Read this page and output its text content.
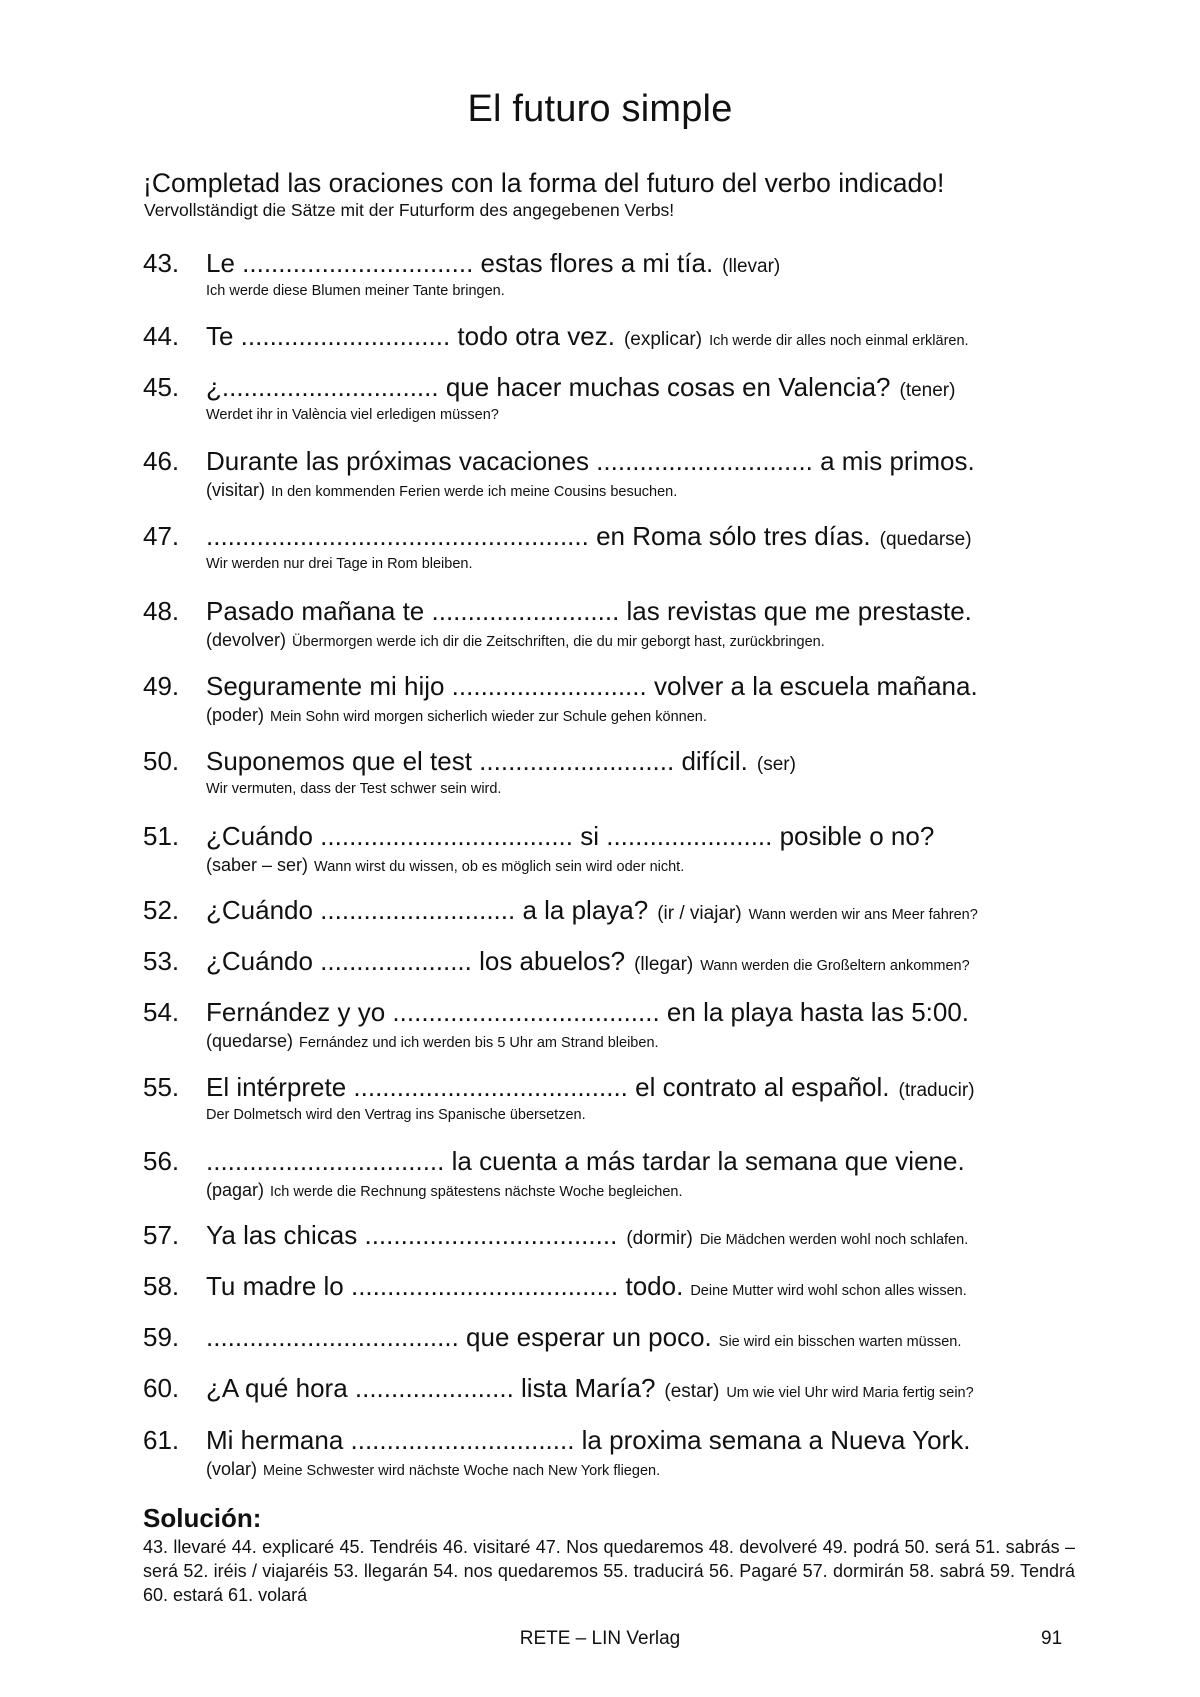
El futuro simple
¡Completad las oraciones con la forma del futuro del verbo indicado!
Vervollständigt die Sätze mit der Futurform des angegebenen Verbs!
43. Le ................................ estas flores a mi tía. (llevar)
Ich werde diese Blumen meiner Tante bringen.
44. Te ............................. todo otra vez. (explicar) Ich werde dir alles noch einmal erklären.
45. ¿.............................. que hacer muchas cosas en Valencia? (tener)
Werdet ihr in València viel erledigen müssen?
46. Durante las próximas vacaciones .............................. a mis primos.
(visitar) In den kommenden Ferien werde ich meine Cousins besuchen.
47. ..................................................... en Roma sólo tres días. (quedarse)
Wir werden nur drei Tage in Rom bleiben.
48. Pasado mañana te .......................... las revistas que me prestaste.
(devolver) Übermorgen werde ich dir die Zeitschriften, die du mir geborgt hast, zurückbringen.
49. Seguramente mi hijo ........................... volver a la escuela mañana.
(poder) Mein Sohn wird morgen sicherlich wieder zur Schule gehen können.
50. Suponemos que el test ........................... difícil. (ser)
Wir vermuten, dass der Test schwer sein wird.
51. ¿Cuándo ................................... si ....................... posible o no?
(saber – ser) Wann wirst du wissen, ob es möglich sein wird oder nicht.
52. ¿Cuándo ........................... a la playa? (ir / viajar) Wann werden wir ans Meer fahren?
53. ¿Cuándo ..................... los abuelos? (llegar) Wann werden die Großeltern ankommen?
54. Fernández y yo ..................................... en la playa hasta las 5:00.
(quedarse) Fernández und ich werden bis 5 Uhr am Strand bleiben.
55. El intérprete ...................................... el contrato al español. (traducir)
Der Dolmetsch wird den Vertrag ins Spanische übersetzen.
56. ................................. la cuenta a más tardar la semana que viene.
(pagar) Ich werde die Rechnung spätestens nächste Woche begleichen.
57. Ya las chicas ................................... (dormir) Die Mädchen werden wohl noch schlafen.
58. Tu madre lo ..................................... todo. Deine Mutter wird wohl schon alles wissen.
59. ................................... que esperar un poco. Sie wird ein bisschen warten müssen.
60. ¿A qué hora ...................... lista María? (estar) Um wie viel Uhr wird Maria fertig sein?
61. Mi hermana ............................... la proxima semana a Nueva York.
(volar) Meine Schwester wird nächste Woche nach New York fliegen.
Solución:
43. llevaré 44. explicaré 45. Tendréis 46. visitaré 47. Nos quedaremos 48. devolveré 49. podrá 50. será 51. sabrás – será 52. iréis / viajaréis 53. llegarán 54. nos quedaremos 55. traducirá 56. Pagaré 57. dormirán 58. sabrá 59. Tendrá 60. estará 61. volará
RETE – LIN Verlag	91
